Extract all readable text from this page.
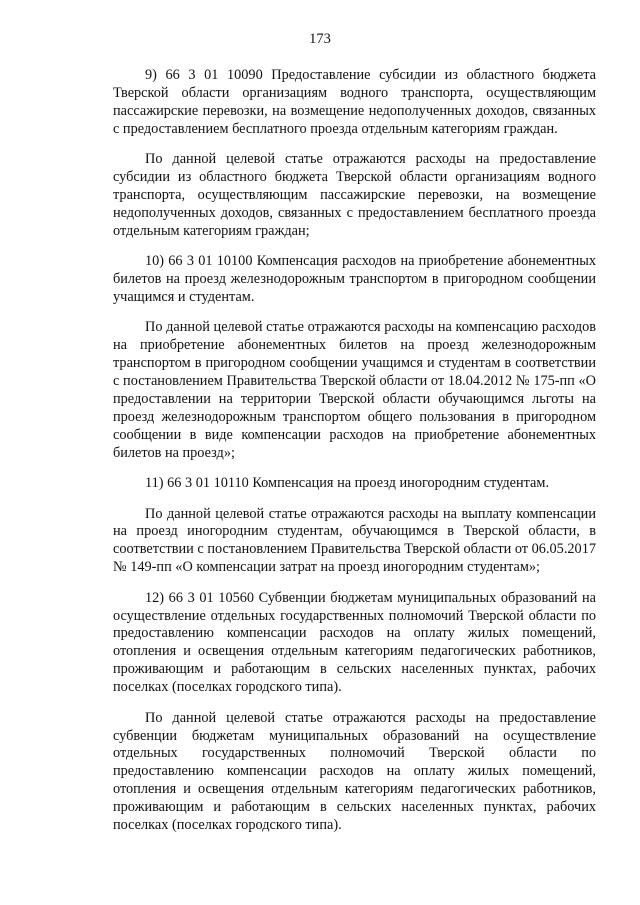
173

9) 66 3 01 10090 Предоставление субсидии из областного бюджета Тверской области организациям водного транспорта, осуществляющим пассажирские перевозки, на возмещение недополученных доходов, связанных с предоставлением бесплатного проезда отдельным категориям граждан.

По данной целевой статье отражаются расходы на предоставление субсидии из областного бюджета Тверской области организациям водного транспорта, осуществляющим пассажирские перевозки, на возмещение недополученных доходов, связанных с предоставлением бесплатного проезда отдельным категориям граждан;

10) 66 3 01 10100 Компенсация расходов на приобретение абонементных билетов на проезд железнодорожным транспортом в пригородном сообщении учащимся и студентам.

По данной целевой статье отражаются расходы на компенсацию расходов на приобретение абонементных билетов на проезд железнодорожным транспортом в пригородном сообщении учащимся и студентам в соответствии с постановлением Правительства Тверской области от 18.04.2012 № 175-пп «О предоставлении на территории Тверской области обучающимся льготы на проезд железнодорожным транспортом общего пользования в пригородном сообщении в виде компенсации расходов на приобретение абонементных билетов на проезд»;

11) 66 3 01 10110 Компенсация на проезд иногородним студентам.

По данной целевой статье отражаются расходы на выплату компенсации на проезд иногородним студентам, обучающимся в Тверской области, в соответствии с постановлением Правительства Тверской области от 06.05.2017 № 149-пп «О компенсации затрат на проезд иногородним студентам»;

12) 66 3 01 10560 Субвенции бюджетам муниципальных образований на осуществление отдельных государственных полномочий Тверской области по предоставлению компенсации расходов на оплату жилых помещений, отопления и освещения отдельным категориям педагогических работников, проживающим и работающим в сельских населенных пунктах, рабочих поселках (поселках городского типа).

По данной целевой статье отражаются расходы на предоставление субвенции бюджетам муниципальных образований на осуществление отдельных государственных полномочий Тверской области по предоставлению компенсации расходов на оплату жилых помещений, отопления и освещения отдельным категориям педагогических работников, проживающим и работающим в сельских населенных пунктах, рабочих поселках (поселках городского типа).
